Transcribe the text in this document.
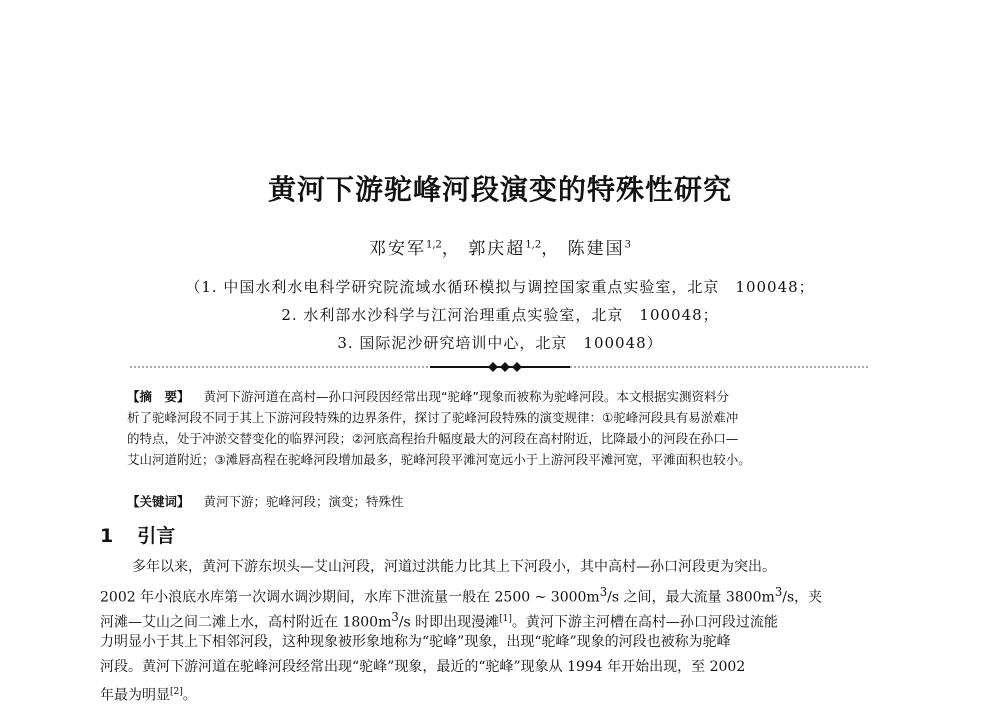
黄河下游驼峰河段演变的特殊性研究
邓安军$^{1,2}$， 郭庆超$^{1,2}$， 陈建国$^3$
（1. 中国水利水电科学研究院流域水循环模拟与调控国家重点实验室，北京　100048；
2. 水利部水沙科学与江河治理重点实验室，北京　100048；
3. 国际泥沙研究培训中心，北京　100048）
【摘　要】 黄河下游河道在高村—孙口河段因经常出现“驼峰”现象而被称为驼峰河段。本文根据实测资料分
析了驼峰河段不同于其上下游河段特殊的边界条件，探讨了驼峰河段特殊的演变规律：①驼峰河段具有易淤难冲
的特点，处于冲淤交替变化的临界河段；②河底高程抬升幅度最大的河段在高村附近，比降最小的河段在孙口—
艾山河道附近；③滩唇高程在驼峰河段增加最多，驼峰河段平滩河宽远小于上游河段平滩河宽，平滩面积也较小。
【关键词】 黄河下游；驼峰河段；演变；特殊性
1 引言
多年以来，黄河下游东坝头—艾山河段，河道过洪能力比其上下河段小，其中高村—孙口河段更为突出。
2002 年小浪底水库第一次调水调沙期间，水库下泄流量一般在 2500 ~ $3000m^3/s$ 之间，最大流量 $3800m^3/s$，夹
河滩—艾山之间二滩上水，高村附近在 $1800m^3/s$ 时即出现漫滩[1]。黄河下游主河槽在高村—孙口河段过流能
力明显小于其上下相邻河段，这种现象被形象地称为“驼峰”现象，出现“驼峰”现象的河段也被称为驼峰
河段。黄河下游河道在驼峰河段经常出现“驼峰”现象，最近的“驼峰”现象从 1994 年开始出现，至 2002
年最为明显[2]。
